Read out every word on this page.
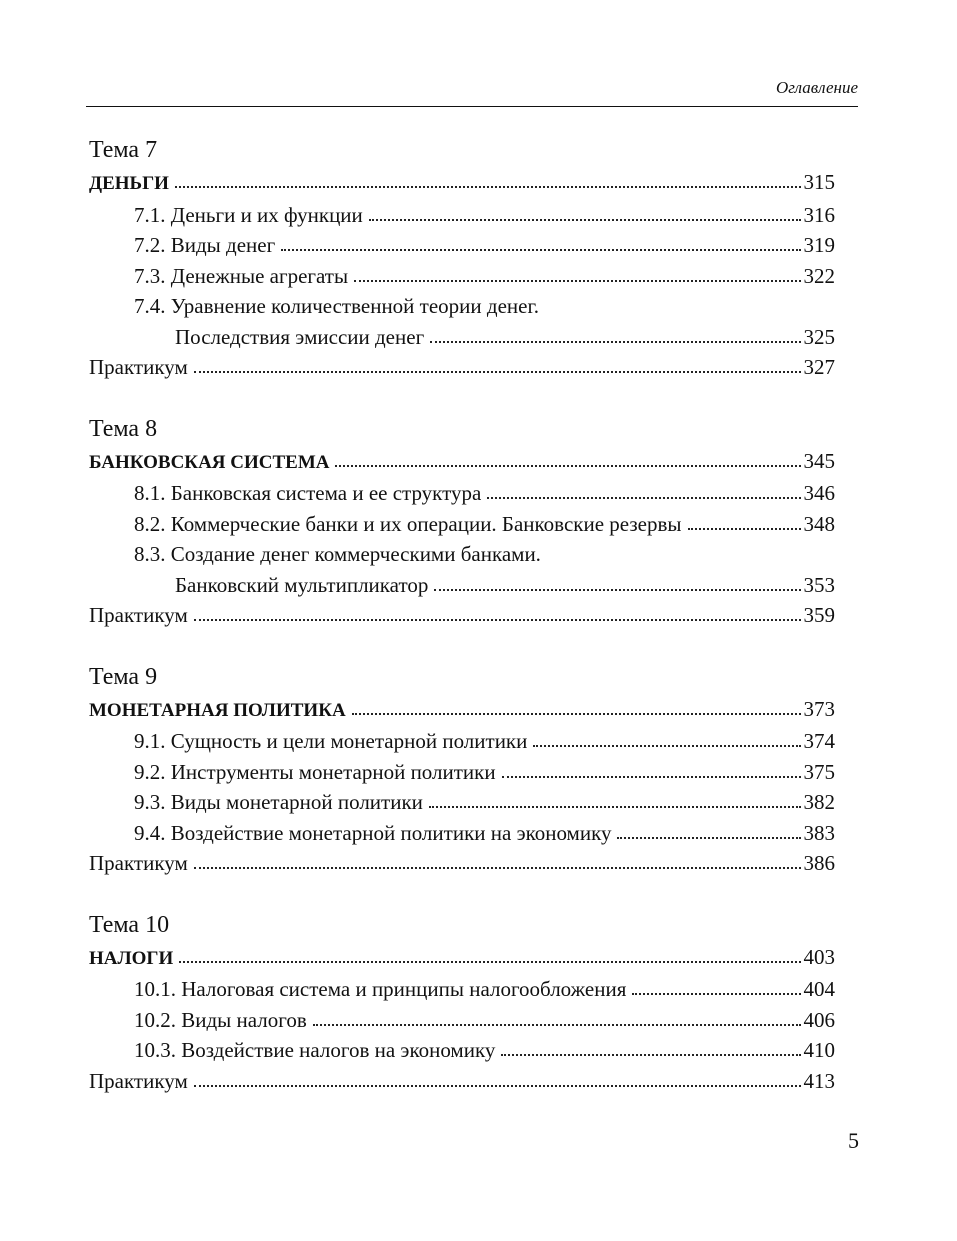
Оглавление
Тема 7
ДЕНЬГИ	315
7.1. Деньги и их функции	316
7.2. Виды денег	319
7.3. Денежные агрегаты	322
7.4. Уравнение количественной теории денег.
Последствия эмиссии денег	325
Практикум	327
Тема 8
БАНКОВСКАЯ СИСТЕМА	345
8.1. Банковская система и ее структура	346
8.2. Коммерческие банки и их операции. Банковские резервы	348
8.3. Создание денег коммерческими банками.
Банковский мультипликатор	353
Практикум	359
Тема 9
МОНЕТАРНАЯ ПОЛИТИКА	373
9.1. Сущность и цели монетарной политики	374
9.2. Инструменты монетарной политики	375
9.3. Виды монетарной политики	382
9.4. Воздействие монетарной политики на экономику	383
Практикум	386
Тема 10
НАЛОГИ	403
10.1. Налоговая система и принципы налогообложения	404
10.2. Виды налогов	406
10.3. Воздействие налогов на экономику	410
Практикум	413
5
